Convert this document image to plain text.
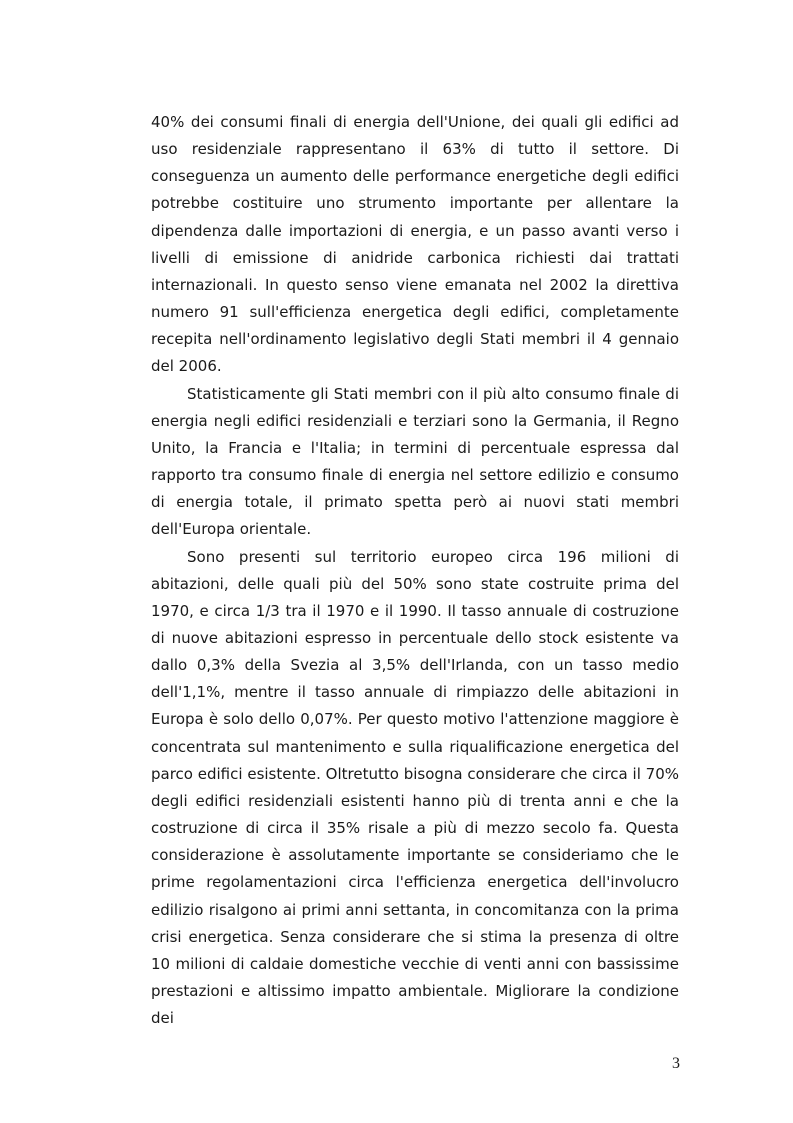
40% dei consumi finali di energia dell'Unione, dei quali gli edifici ad uso residenziale rappresentano il 63% di tutto il settore. Di conseguenza un aumento delle performance energetiche degli edifici potrebbe costituire uno strumento importante per allentare la dipendenza dalle importazioni di energia, e un passo avanti verso i livelli di emissione di anidride carbonica richiesti dai trattati internazionali. In questo senso viene emanata nel 2002 la direttiva numero 91 sull'efficienza energetica degli edifici, completamente recepita nell'ordinamento legislativo degli Stati membri il 4 gennaio del 2006.

Statisticamente gli Stati membri con il più alto consumo finale di energia negli edifici residenziali e terziari sono la Germania, il Regno Unito, la Francia e l'Italia; in termini di percentuale espressa dal rapporto tra consumo finale di energia nel settore edilizio e consumo di energia totale, il primato spetta però ai nuovi stati membri dell'Europa orientale.

Sono presenti sul territorio europeo circa 196 milioni di abitazioni, delle quali più del 50% sono state costruite prima del 1970, e circa 1/3 tra il 1970 e il 1990. Il tasso annuale di costruzione di nuove abitazioni espresso in percentuale dello stock esistente va dallo 0,3% della Svezia al 3,5% dell'Irlanda, con un tasso medio dell'1,1%, mentre il tasso annuale di rimpiazzo delle abitazioni in Europa è solo dello 0,07%. Per questo motivo l'attenzione maggiore è concentrata sul mantenimento e sulla riqualificazione energetica del parco edifici esistente. Oltretutto bisogna considerare che circa il 70% degli edifici residenziali esistenti hanno più di trenta anni e che la costruzione di circa il 35% risale a più di mezzo secolo fa. Questa considerazione è assolutamente importante se consideriamo che le prime regolamentazioni circa l'efficienza energetica dell'involucro edilizio risalgono ai primi anni settanta, in concomitanza con la prima crisi energetica. Senza considerare che si stima la presenza di oltre 10 milioni di caldaie domestiche vecchie di venti anni con bassissime prestazioni e altissimo impatto ambientale. Migliorare la condizione dei

3
